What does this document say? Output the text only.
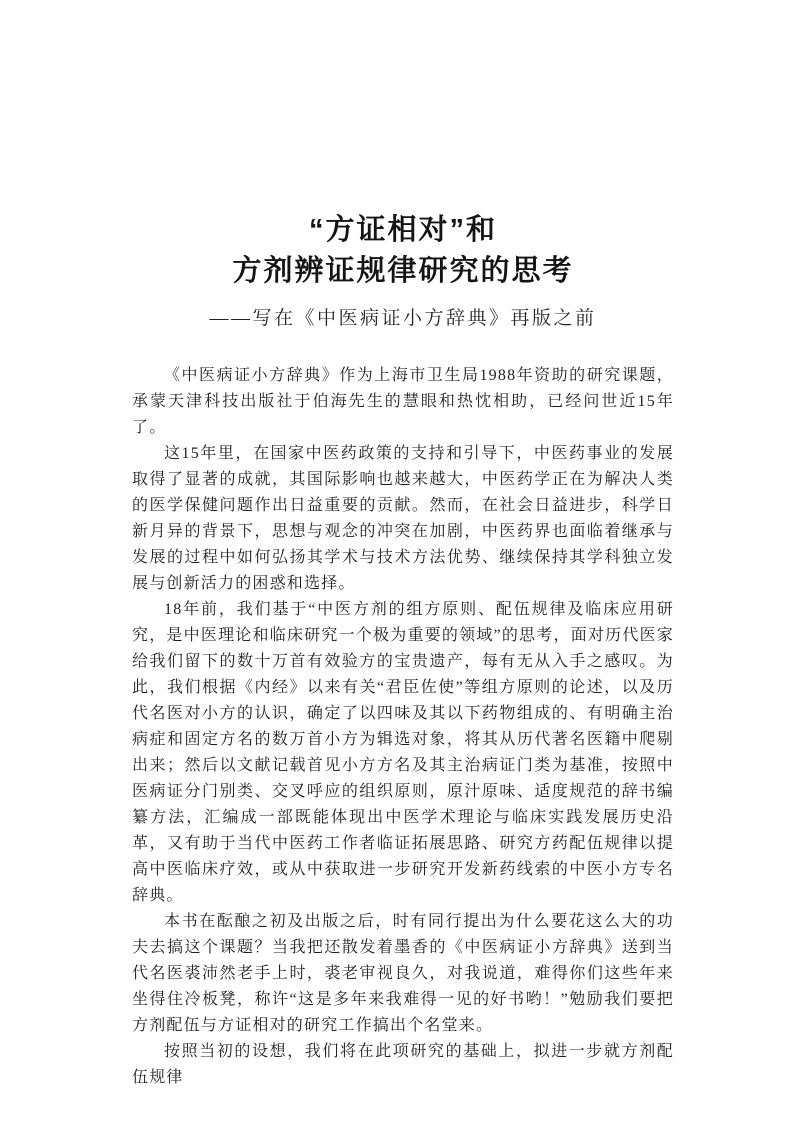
“方证相对”和
方剂辨证规律研究的思考
——写在《中医病证小方辞典》再版之前

《中医病证小方辞典》作为上海市卫生局1988年资助的研究课题，承蒙天津科技出版社于伯海先生的慧眼和热忱相助，已经问世近15年了。

这15年里，在国家中医药政策的支持和引导下，中医药事业的发展取得了显著的成就，其国际影响也越来越大，中医药学正在为解决人类的医学保健问题作出日益重要的贡献。然而，在社会日益进步，科学日新月异的背景下，思想与观念的冲突在加剧，中医药界也面临着继承与发展的过程中如何弘扬其学术与技术方法优势、继续保持其学科独立发展与创新活力的困惑和选择。

18年前，我们基于“中医方剂的组方原则、配伍规律及临床应用研究，是中医理论和临床研究一个极为重要的领域”的思考，面对历代医家给我们留下的数十万首有效验方的宝贵遗产，每有无从入手之感叹。为此，我们根据《内经》以来有关“君臣佐使”等组方原则的论述，以及历代名医对小方的认识，确定了以四味及其以下药物组成的、有明确主治病症和固定方名的数万首小方为辑选对象，将其从历代著名医籍中爬剔出来；然后以文献记载首见小方方名及其主治病证门类为基准，按照中医病证分门别类、交叉呼应的组织原则，原汁原味、适度规范的辞书编纂方法，汇编成一部既能体现出中医学术理论与临床实践发展历史沿革，又有助于当代中医药工作者临证拓展思路、研究方药配伍规律以提高中医临床疗效，或从中获取进一步研究开发新药线索的中医小方专名辞典。

本书在酝酿之初及出版之后，时有同行提出为什么要花这么大的功夫去搞这个课题？当我把还散发着墨香的《中医病证小方辞典》送到当代名医裘沛然老手上时，裘老审视良久，对我说道，难得你们这些年来坐得住冷板凳，称许“这是多年来我难得一见的好书哟！”勉励我们要把方剂配伍与方证相对的研究工作搞出个名堂来。

按照当初的设想，我们将在此项研究的基础上，拟进一步就方剂配伍规律
